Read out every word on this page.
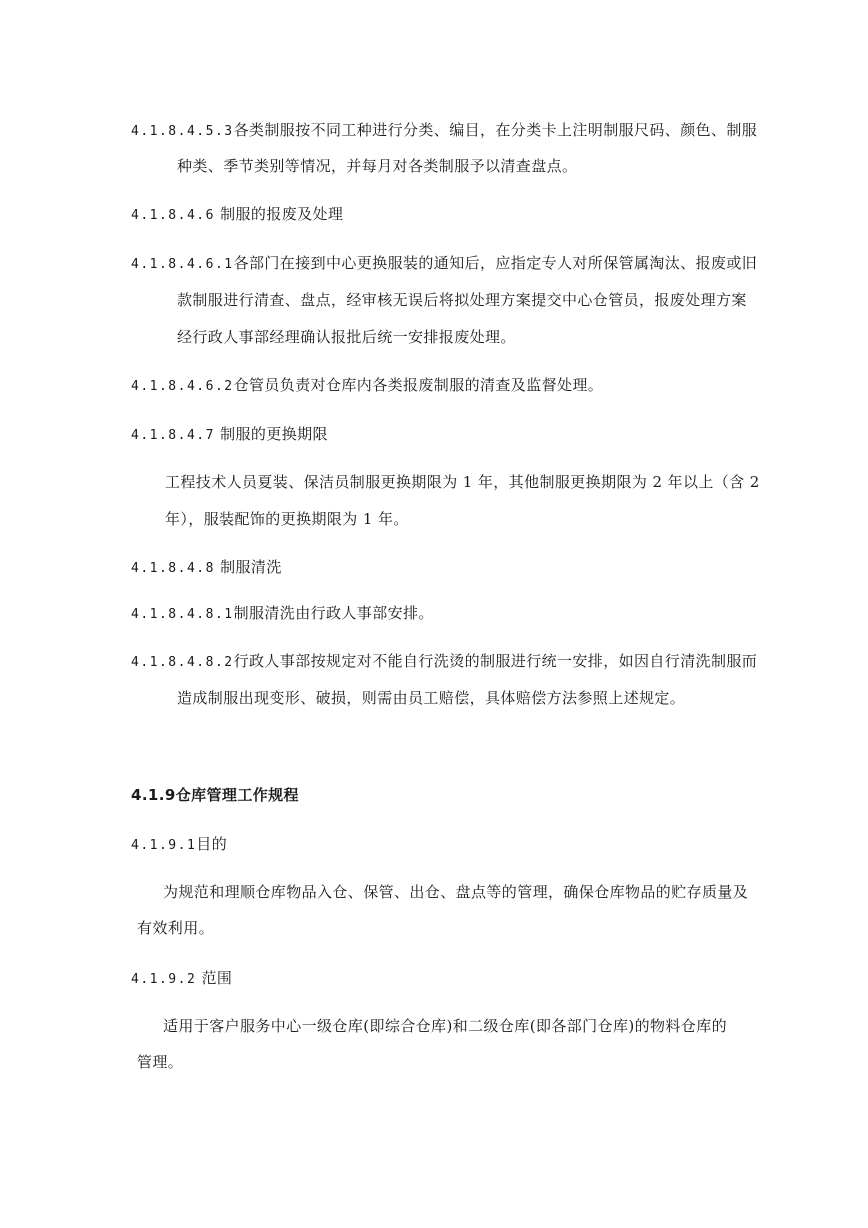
4.1.8.4.5.3各类制服按不同工种进行分类、编目，在分类卡上注明制服尺码、颜色、制服
种类、季节类别等情况，并每月对各类制服予以清查盘点。
4.1.8.4.6 制服的报废及处理
4.1.8.4.6.1各部门在接到中心更换服装的通知后，应指定专人对所保管属淘汰、报废或旧
款制服进行清查、盘点，经审核无误后将拟处理方案提交中心仓管员，报废处理方案
经行政人事部经理确认报批后统一安排报废处理。
4.1.8.4.6.2仓管员负责对仓库内各类报废制服的清查及监督处理。
4.1.8.4.7 制服的更换期限
工程技术人员夏装、保洁员制服更换期限为 1 年，其他制服更换期限为 2 年以上（含 2
年），服装配饰的更换期限为 1 年。
4.1.8.4.8 制服清洗
4.1.8.4.8.1制服清洗由行政人事部安排。
4.1.8.4.8.2行政人事部按规定对不能自行洗烫的制服进行统一安排，如因自行清洗制服而
造成制服出现变形、破损，则需由员工赔偿，具体赔偿方法参照上述规定。
4.1.9仓库管理工作规程
4.1.9.1目的
为规范和理顺仓库物品入仓、保管、出仓、盘点等的管理，确保仓库物品的贮存质量及
有效利用。
4.1.9.2 范围
适用于客户服务中心一级仓库(即综合仓库)和二级仓库(即各部门仓库)的物料仓库的
管理。
